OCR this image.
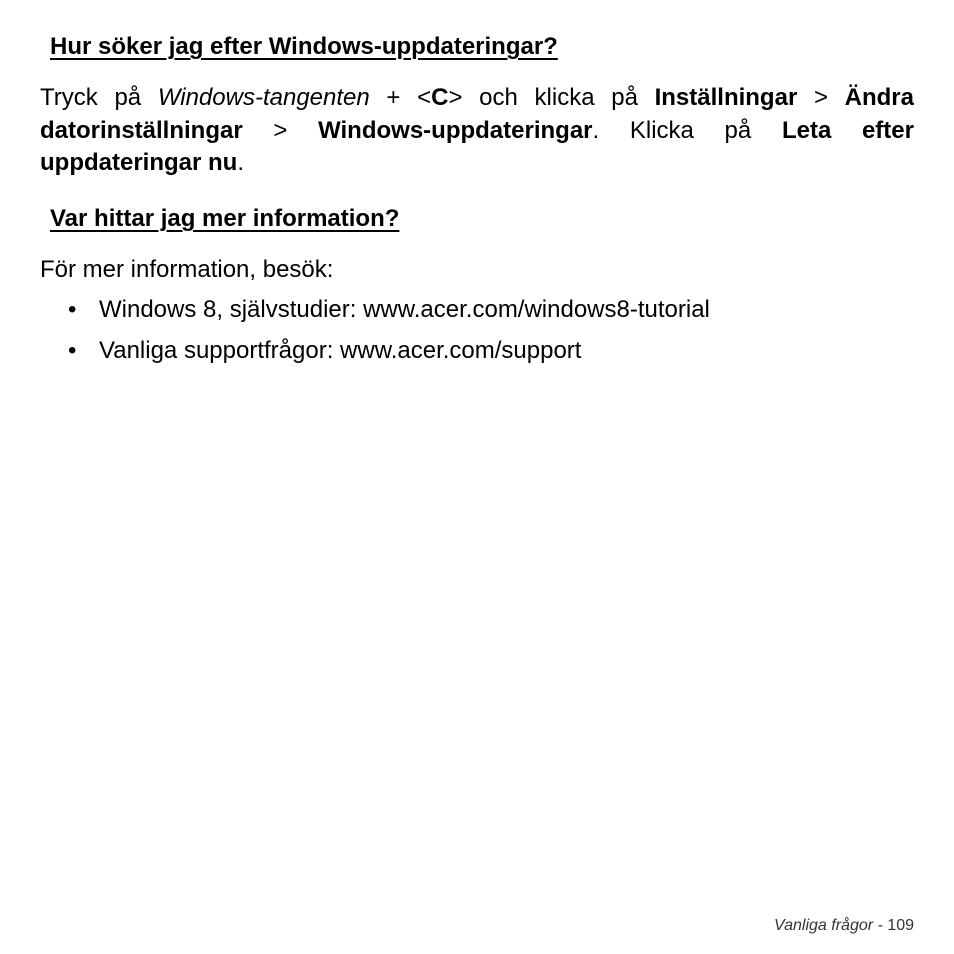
Hur söker jag efter Windows-uppdateringar?

Tryck på Windows-tangenten + <C> och klicka på Inställningar > Ändra datorinställningar > Windows-uppdateringar. Klicka på Leta efter uppdateringar nu.

Var hittar jag mer information?

För mer information, besök:

• Windows 8, självstudier: www.acer.com/windows8-tutorial
• Vanliga supportfrågor: www.acer.com/support
Vanliga frågor - 109
